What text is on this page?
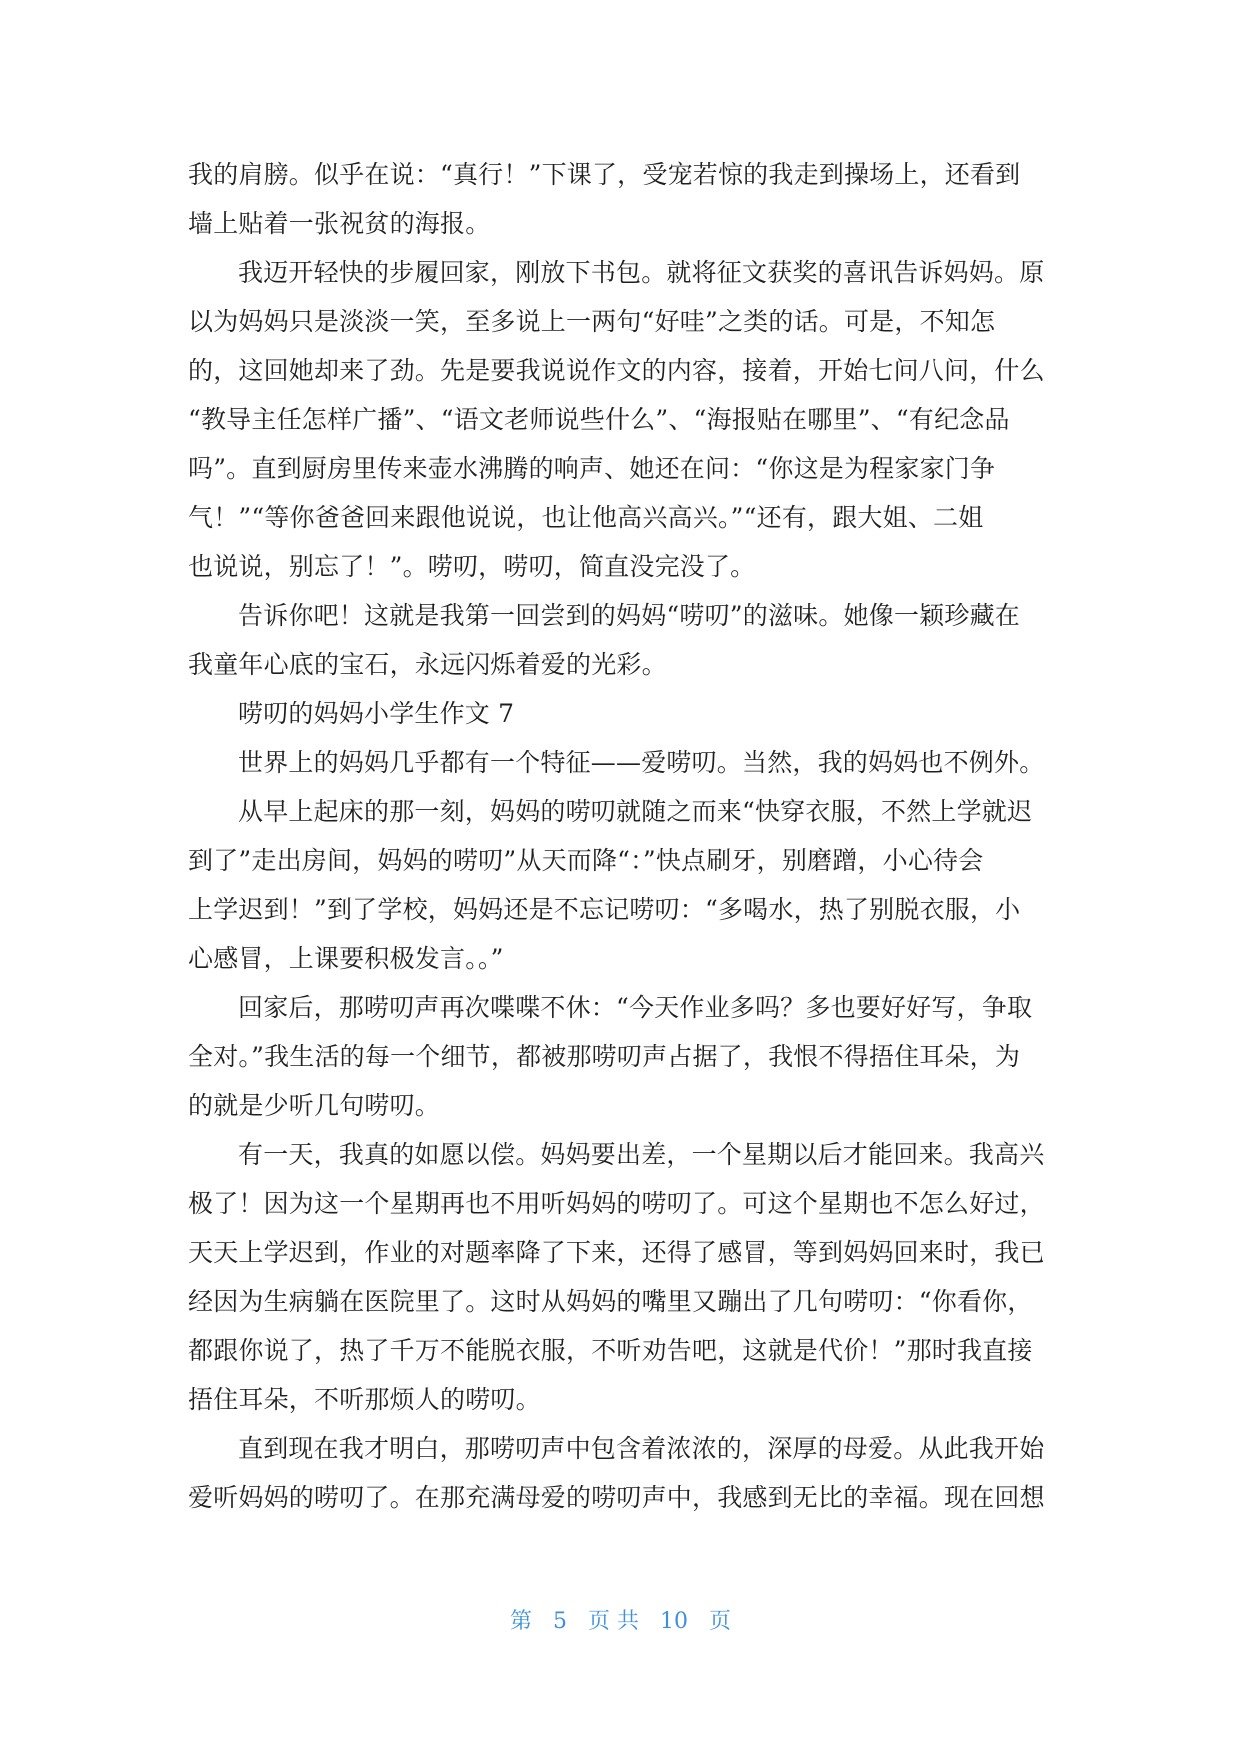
我的肩膀。似乎在说：“真行！”下课了，受宠若惊的我走到操场上，还看到
墙上贴着一张祝贫的海报。
我迈开轻快的步履回家，刚放下书包。就将征文获奖的喜讯告诉妈妈。原
以为妈妈只是淡淡一笑，至多说上一两句“好哇”之类的话。可是，不知怎
的，这回她却来了劲。先是要我说说作文的内容，接着，开始七问八问，什么
“教导主任怎样广播”、“语文老师说些什么”、“海报贴在哪里”、“有纪念品
吗”。直到厨房里传来壶水沸腾的响声、她还在问：“你这是为程家家门争
气！”“等你爸爸回来跟他说说，也让他高兴高兴。”“还有，跟大姐、二姐
也说说，别忘了！”。唠叨，唠叨，简直没完没了。
告诉你吧！这就是我第一回尝到的妈妈“唠叨”的滋味。她像一颖珍藏在
我童年心底的宝石，永远闪烁着爱的光彩。
唠叨的妈妈小学生作文 7
世界上的妈妈几乎都有一个特征——爱唠叨。当然，我的妈妈也不例外。
从早上起床的那一刻，妈妈的唠叨就随之而来“快穿衣服，不然上学就迟
到了”走出房间，妈妈的唠叨”从天而降“：”快点刷牙，别磨蹭，小心待会
上学迟到！”到了学校，妈妈还是不忘记唠叨：“多喝水，热了别脱衣服，小
心感冒，上课要积极发言。。”
回家后，那唠叨声再次喋喋不休：“今天作业多吗？多也要好好写，争取
全对。”我生活的每一个细节，都被那唠叨声占据了，我恨不得捂住耳朵，为
的就是少听几句唠叨。
有一天，我真的如愿以偿。妈妈要出差，一个星期以后才能回来。我高兴
极了！因为这一个星期再也不用听妈妈的唠叨了。可这个星期也不怎么好过，
天天上学迟到，作业的对题率降了下来，还得了感冒，等到妈妈回来时，我已
经因为生病躺在医院里了。这时从妈妈的嘴里又蹦出了几句唠叨：“你看你，
都跟你说了，热了千万不能脱衣服，不听劝告吧，这就是代价！”那时我直接
捂住耳朵，不听那烦人的唠叨。
直到现在我才明白，那唠叨声中包含着浓浓的，深厚的母爱。从此我开始
爱听妈妈的唠叨了。在那充满母爱的唠叨声中，我感到无比的幸福。现在回想
第 5 页 共 10 页
